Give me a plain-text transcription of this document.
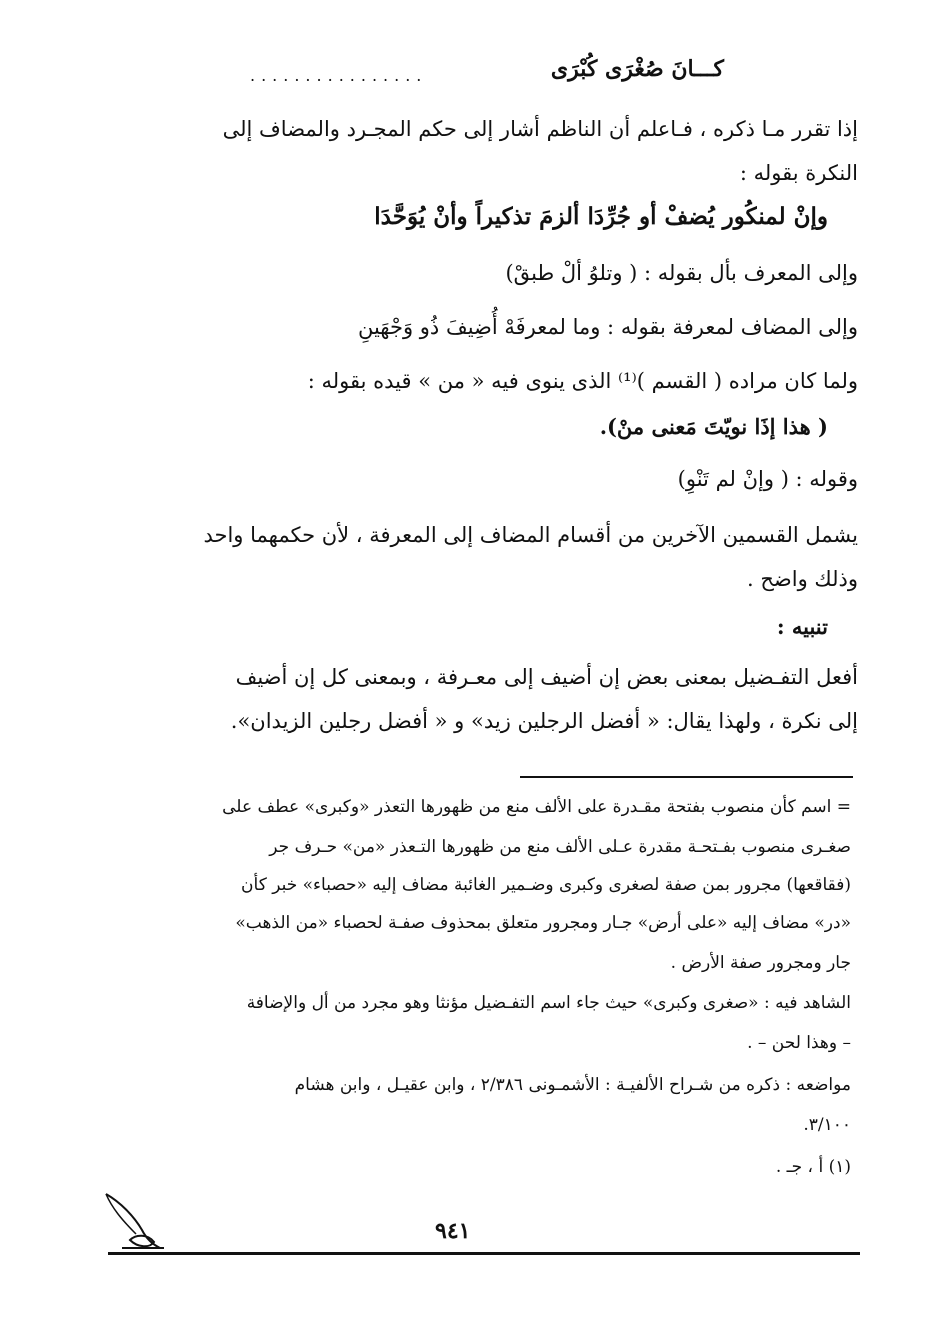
كـــانَ صُغْرَى كُبْرَى
................
إذا تقرر مـا ذكره ، فـاعلم أن الناظم أشار إلى حكم المجـرد والمضاف إلى
النكرة بقوله :
وإنْ لمنكُور يُضفْ أو جُرِّدَا ألزمَ تذكيراً وأنْ يُوَحَّدَا
وإلى المعرف بأل بقوله : ( وتلوُ ألْ طبقْ)
وإلى المضاف لمعرفة بقوله : وما لمعرفَهْ أُضِيفَ ذُو وَجْهَينِ
ولما كان مراده ( القسم )⁽¹⁾ الذى ينوى فيه « من » قيده بقوله :
( هذا إذَا نويّتَ مَعنى منْ).
وقوله : ( وإنْ لم تَنْوِ)
يشمل القسمين الآخرين من أقسام المضاف إلى المعرفة ، لأن حكمهما واحد
وذلك واضح .
تنبيه :
أفعل التفـضيل بمعنى بعض إن أضيف إلى معـرفة ، وبمعنى كل إن أضيف
إلى نكرة ، ولهذا يقال: « أفضل الرجلين زيد» و « أفضل رجلين الزيدان».
= اسم كأن منصوب بفتحة مقـدرة على الألف منع من ظهورها التعذر «وكبرى» عطف على
صغـرى منصوب بفـتحـة مقدرة عـلى الألف منع من ظهورها التـعذر «من» حـرف جر
(فقاقعها) مجرور بمن صفة لصغرى وكبرى وضـمير الغائبة مضاف إليه «حصباء» خبر كأن
«در» مضاف إليه «على أرض» جـار ومجرور متعلق بمحذوف صفـة لحصباء «من الذهب»
جار ومجرور صفة الأرض .
الشاهد فيه : «صغرى وكبرى» حيث جاء اسم التفـضيل مؤنثا وهو مجرد من أل والإضافة
– وهذا لحن – .
مواضعه : ذكره من شـراح الألفيـة : الأشمـونى ٢/٣٨٦ ، وابن عقيـل ، وابن هشام
٣/١٠٠.
(١) أ ، جـ .
٩٤١
